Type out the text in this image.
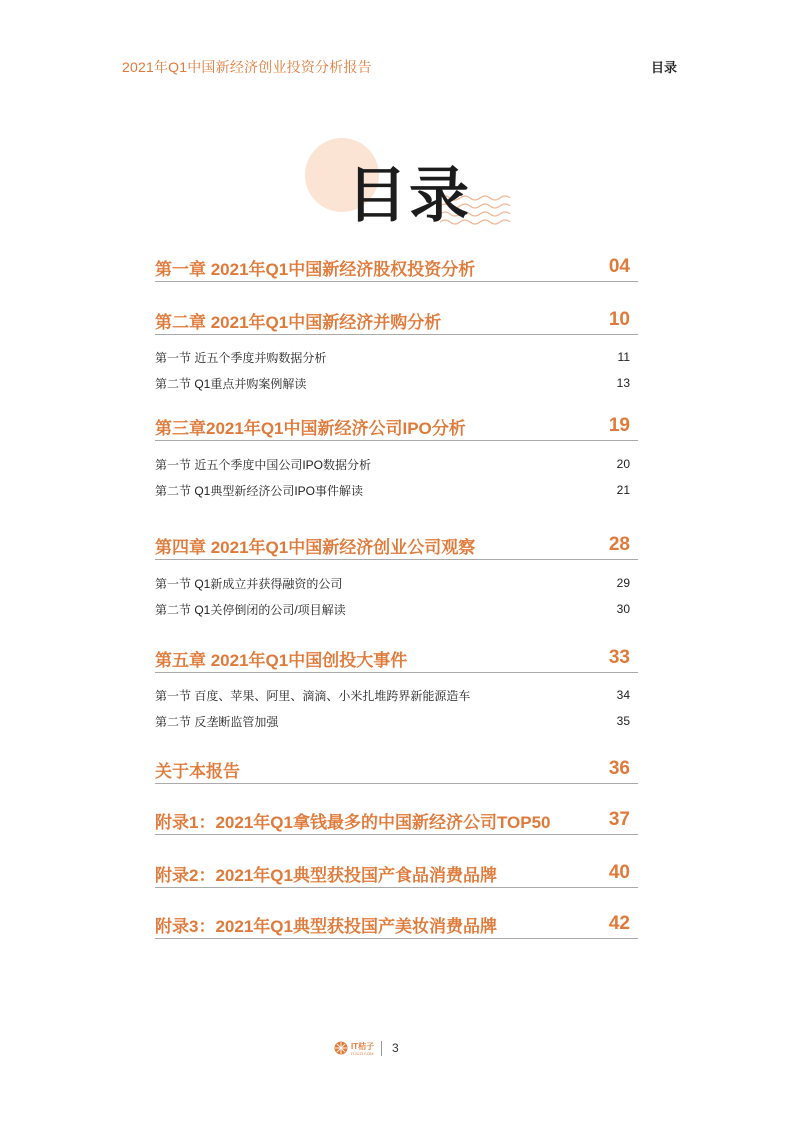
2021年Q1中国新经济创业投资分析报告	目录
目录
第一章 2021年Q1中国新经济股权投资分析	04
第二章 2021年Q1中国新经济并购分析	10
第一节 近五个季度并购数据分析	11
第二节 Q1重点并购案例解读	13
第三章2021年Q1中国新经济公司IPO分析	19
第一节 近五个季度中国公司IPO数据分析	20
第二节 Q1典型新经济公司IPO事件解读	21
第四章 2021年Q1中国新经济创业公司观察	28
第一节 Q1新成立并获得融资的公司	29
第二节 Q1关停倒闭的公司/项目解读	30
第五章 2021年Q1中国创投大事件	33
第一节 百度、苹果、阿里、滴滴、小米扎堆跨界新能源造车	34
第二节 反垄断监管加强	35
关于本报告	36
附录1：2021年Q1拿钱最多的中国新经济公司TOP50	37
附录2：2021年Q1典型获投国产食品消费品牌	40
附录3：2021年Q1典型获投国产美妆消费品牌	42
IT桔子
ITJUZI.COM 3
